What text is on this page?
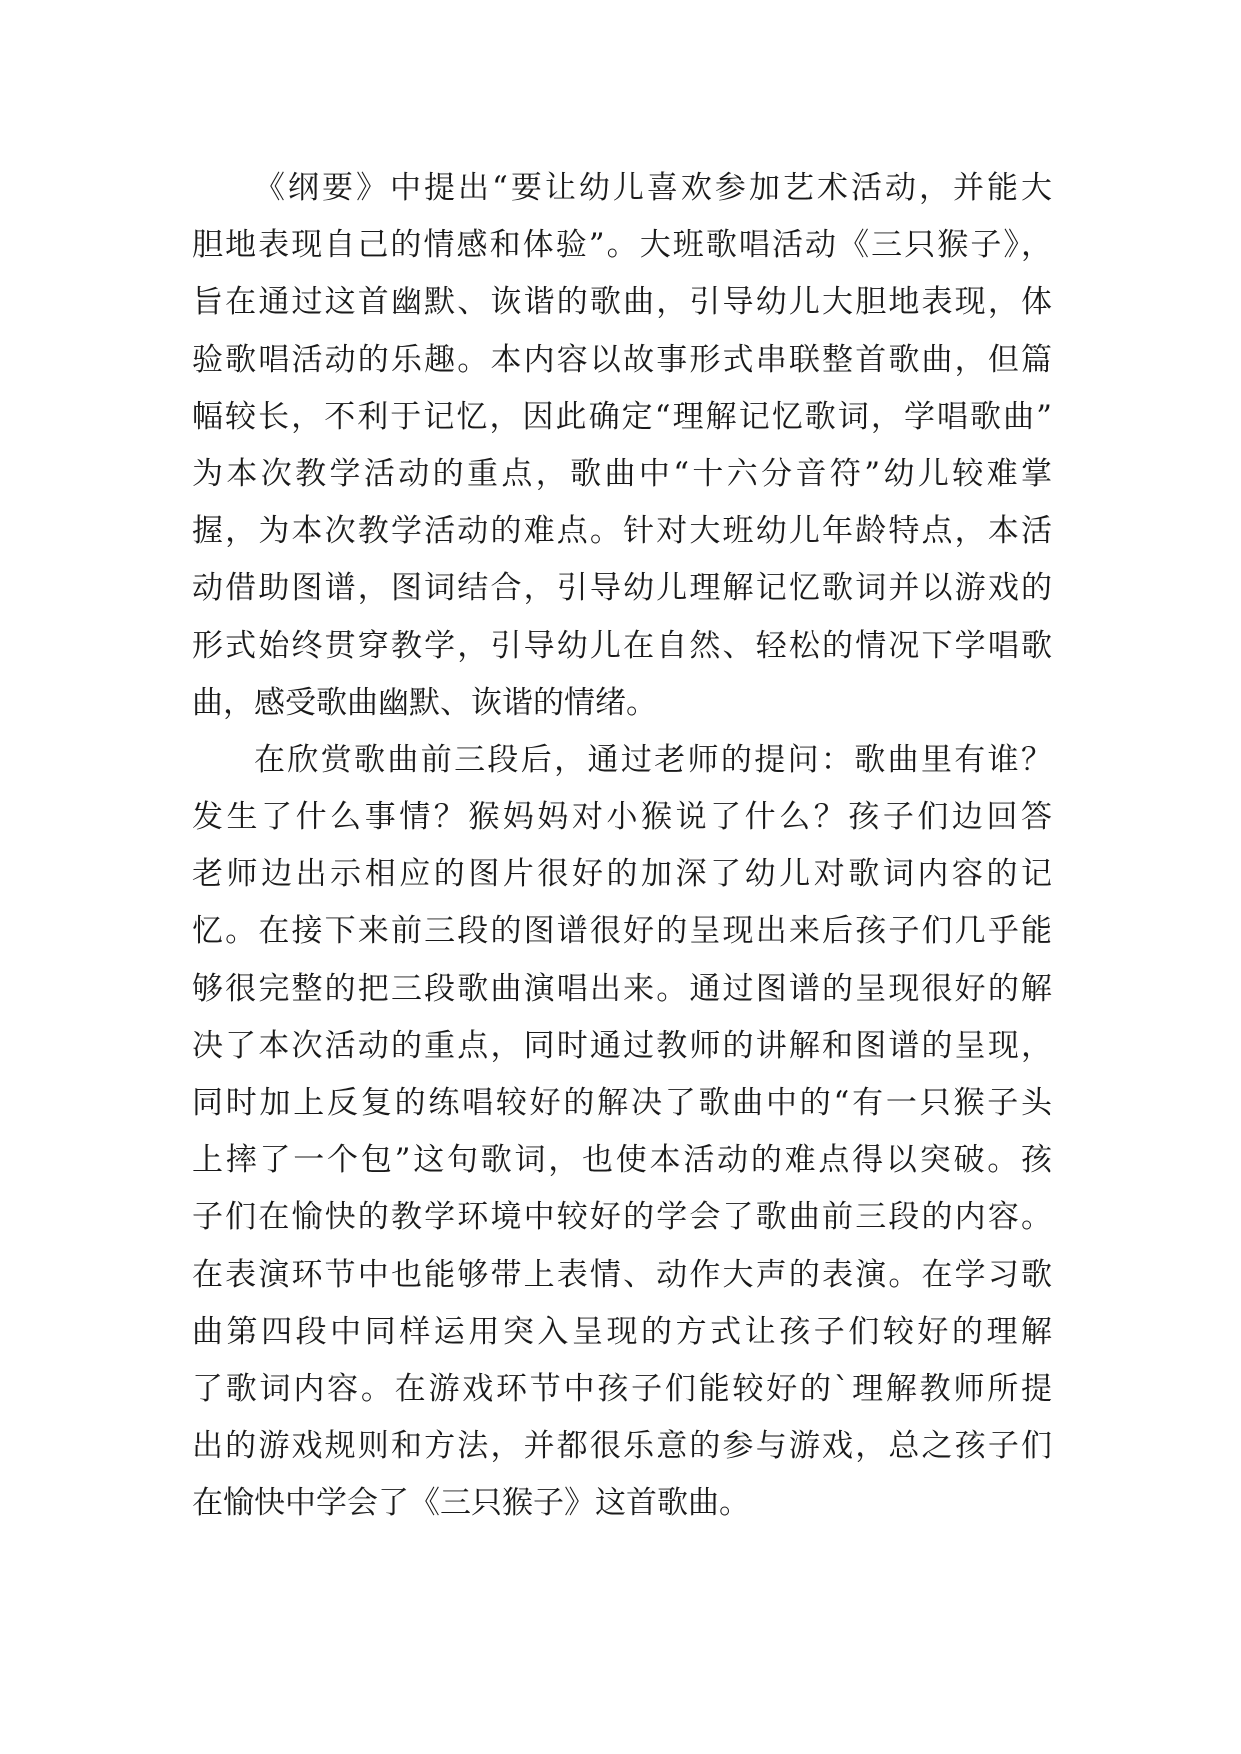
《纲要》中提出“要让幼儿喜欢参加艺术活动，并能大
胆地表现自己的情感和体验”。大班歌唱活动《三只猴子》，
旨在通过这首幽默、诙谐的歌曲，引导幼儿大胆地表现，体
验歌唱活动的乐趣。本内容以故事形式串联整首歌曲，但篇
幅较长，不利于记忆，因此确定“理解记忆歌词，学唱歌曲”
为本次教学活动的重点，歌曲中“十六分音符”幼儿较难掌
握，为本次教学活动的难点。针对大班幼儿年龄特点，本活
动借助图谱，图词结合，引导幼儿理解记忆歌词并以游戏的
形式始终贯穿教学，引导幼儿在自然、轻松的情况下学唱歌
曲，感受歌曲幽默、诙谐的情绪。
在欣赏歌曲前三段后，通过老师的提问：歌曲里有谁？
发生了什么事情？猴妈妈对小猴说了什么？孩子们边回答
老师边出示相应的图片很好的加深了幼儿对歌词内容的记
忆。在接下来前三段的图谱很好的呈现出来后孩子们几乎能
够很完整的把三段歌曲演唱出来。通过图谱的呈现很好的解
决了本次活动的重点，同时通过教师的讲解和图谱的呈现，
同时加上反复的练唱较好的解决了歌曲中的“有一只猴子头
上摔了一个包”这句歌词，也使本活动的难点得以突破。孩
子们在愉快的教学环境中较好的学会了歌曲前三段的内容。
在表演环节中也能够带上表情、动作大声的表演。在学习歌
曲第四段中同样运用突入呈现的方式让孩子们较好的理解
了歌词内容。在游戏环节中孩子们能较好的`理解教师所提
出的游戏规则和方法，并都很乐意的参与游戏，总之孩子们
在愉快中学会了《三只猴子》这首歌曲。
